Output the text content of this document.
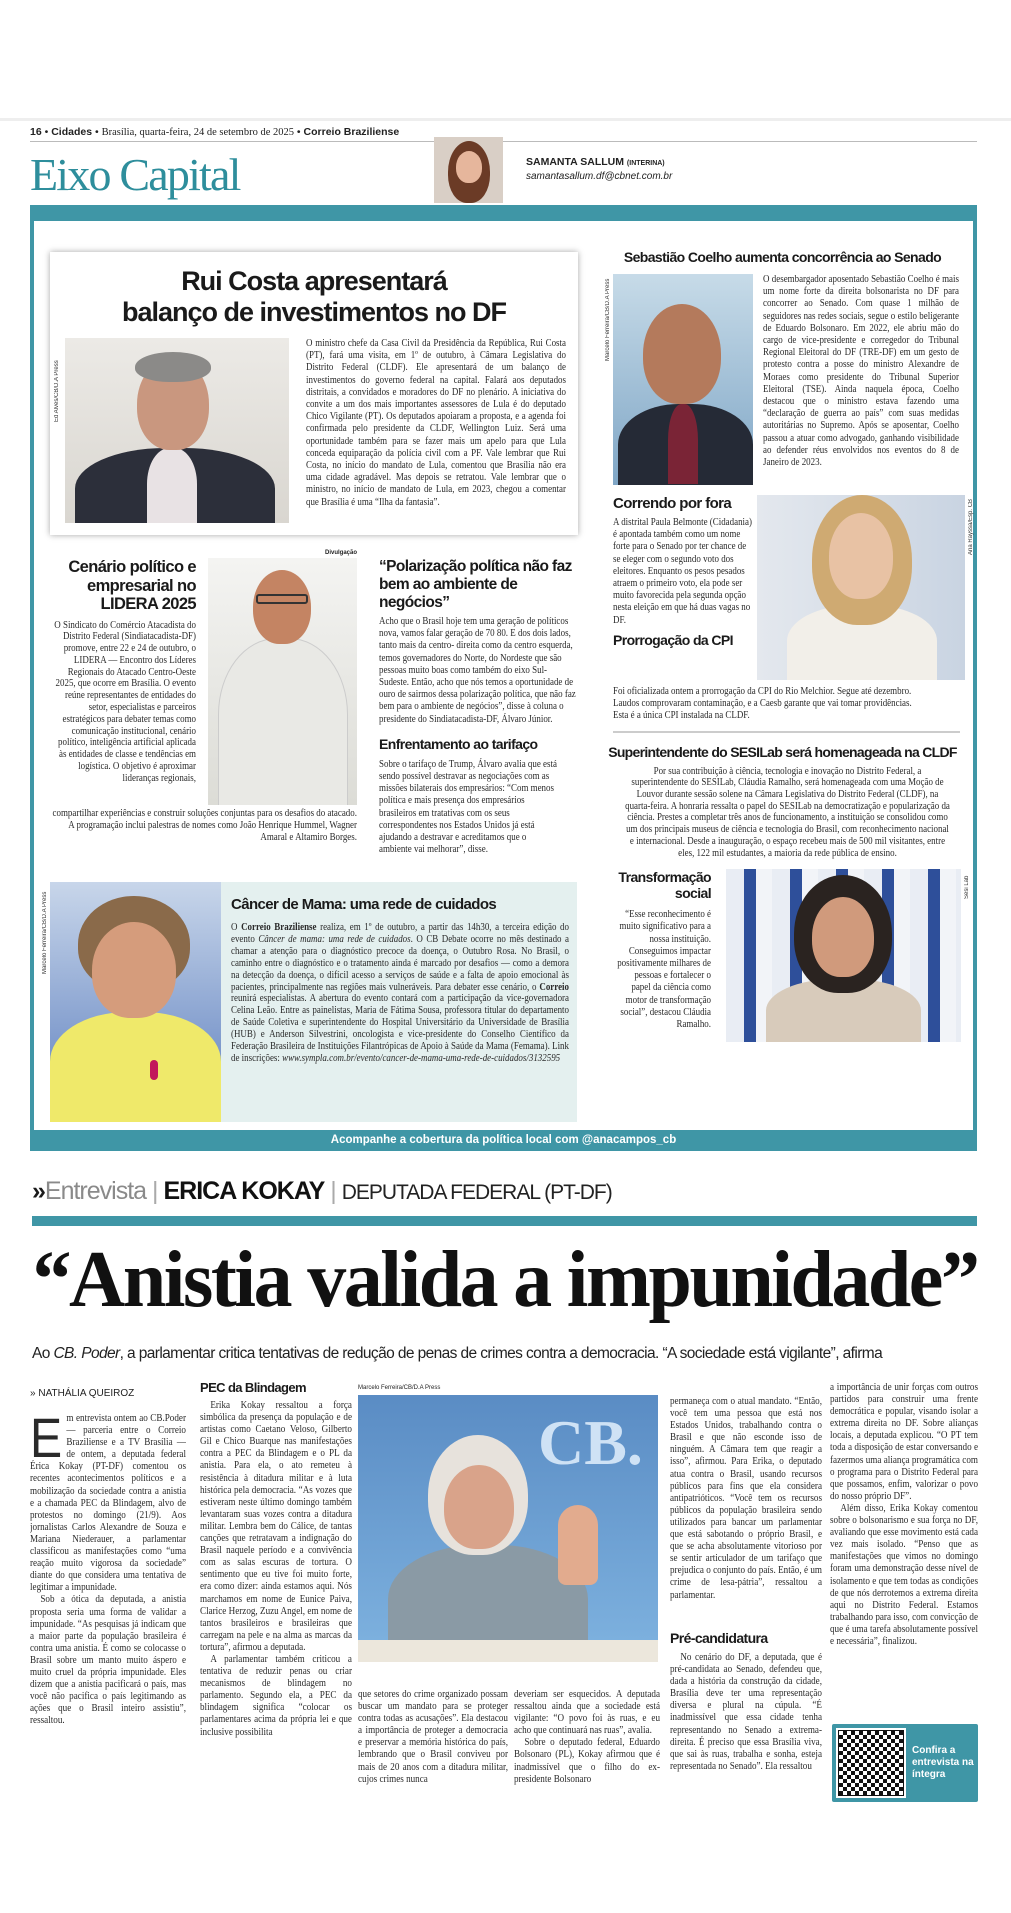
16 • Cidades • Brasília, quarta-feira, 24 de setembro de 2025 • Correio Braziliense
Eixo Capital	SAMANTA SALLUM (INTERINA)
samantasallum.df@cbnet.com.br
Acompanhe a cobertura da política local com @anacampos_cb
Rui Costa apresentará
balanço de investimentos no DF
Ed Alves/CB/D.A Press
O ministro chefe da Casa Civil da Presidência da República, Rui Costa (PT), fará uma visita, em 1º de outubro, à Câmara Legislativa do Distrito Federal (CLDF). Ele apresentará de um balanço de investimentos do governo federal na capital. Falará aos deputados distritais, a convidados e moradores do DF no plenário. A iniciativa do convite a um dos mais importantes assessores de Lula é do deputado Chico Vigilante (PT). Os deputados apoiaram a proposta, e a agenda foi confirmada pelo presidente da CLDF, Wellington Luiz. Será uma oportunidade também para se fazer mais um apelo para que Lula conceda equiparação da polícia civil com a PF. Vale lembrar que Rui Costa, no início do mandato de Lula, comentou que Brasília não era uma cidade agradável. Mas depois se retratou. Vale lembrar que o ministro, no início de mandato de Lula, em 2023, chegou a comentar que Brasília é uma “Ilha da fantasia”.
Sebastião Coelho aumenta concorrência ao Senado
Marcelo Ferreira/CB/D.A Press	O desembargador aposentado Sebastião Coelho é mais um nome forte da direita bolsonarista no DF para concorrer ao Senado. Com quase 1 milhão de seguidores nas redes sociais, segue o estilo beligerante de Eduardo Bolsonaro. Em 2022, ele abriu mão do cargo de vice-presidente e corregedor do Tribunal Regional Eleitoral do DF (TRE-DF) em um gesto de protesto contra a posse do ministro Alexandre de Moraes como presidente do Tribunal Superior Eleitoral (TSE). Ainda naquela época, Coelho destacou que o ministro estava fazendo uma “declaração de guerra ao país” com suas medidas autoritárias no Supremo. Após se aposentar, Coelho passou a atuar como advogado, ganhando visibilidade ao defender réus envolvidos nos eventos do 8 de Janeiro de 2023.
Correndo por fora
A distrital Paula Belmonte (Cidadania) é apontada também como um nome forte para o Senado por ter chance de se eleger com o segundo voto dos eleitores. Enquanto os pesos pesados atraem o primeiro voto, ela pode ser muito favorecida pela segunda opção nesta eleição em que há duas vagas no DF.
Prorrogação da CPI
Ana Rayssa/Esp. CB
Foi oficializada ontem a prorrogação da CPI do Rio Melchior. Segue até dezembro. Laudos comprovaram contaminação, e a Caesb garante que vai tomar providências. Esta é a única CPI instalada na CLDF.
Superintendente do SESILab será homenageada na CLDF
Por sua contribuição à ciência, tecnologia e inovação no Distrito Federal, a superintendente do SESILab, Cláudia Ramalho, será homenageada com uma Moção de Louvor durante sessão solene na Câmara Legislativa do Distrito Federal (CLDF), na quarta-feira. A honraria ressalta o papel do SESILab na democratização e popularização da ciência. Prestes a completar três anos de funcionamento, a instituição se consolidou como um dos principais museus de ciência e tecnologia do Brasil, com reconhecimento nacional e internacional. Desde a inauguração, o espaço recebeu mais de 500 mil visitantes, entre eles, 122 mil estudantes, a maioria da rede pública de ensino.
Transformação social
“Esse reconhecimento é muito significativo para a nossa instituição. Conseguimos impactar positivamente milhares de pessoas e fortalecer o papel da ciência como motor de transformação social”, destacou Cláudia Ramalho.
Sesi Lab
Cenário político e empresarial no LIDERA 2025
O Sindicato do Comércio Atacadista do Distrito Federal (Sindiatacadista-DF) promove, entre 22 e 24 de outubro, o LIDERA — Encontro dos Líderes Regionais do Atacado Centro-Oeste 2025, que ocorre em Brasília. O evento reúne representantes de entidades do setor, especialistas e parceiros estratégicos para debater temas como comunicação institucional, cenário político, inteligência artificial aplicada às entidades de classe e tendências em logística. O objetivo é aproximar lideranças regionais,
Divulgação
compartilhar experiências e construir soluções conjuntas para os desafios do atacado. A programação inclui palestras de nomes como João Henrique Hummel, Wagner Amaral e Altamiro Borges.
“Polarização política não faz bem ao ambiente de negócios”
Acho que o Brasil hoje tem uma geração de políticos nova, vamos falar geração de 70 80. E dos dois lados, tanto mais da centro- direita como da centro esquerda, temos governadores do Norte, do Nordeste que são pessoas muito boas como também do eixo Sul-Sudeste. Então, acho que nós temos a oportunidade de ouro de sairmos dessa polarização política, que não faz bem para o ambiente de negócios”, disse à coluna o presidente do Sindiatacadista-DF, Álvaro Júnior.
Enfrentamento ao tarifaço
Sobre o tarifaço de Trump, Álvaro avalia que está sendo possível destravar as negociações com as missões bilaterais dos empresários: “Com menos política e mais presença dos empresários brasileiros em tratativas com os seus correspondentes nos Estados Unidos já está ajudando a destravar e acreditamos que o ambiente vai melhorar”, disse.
Marcelo Ferreira/CB/D.A Press	Câncer de Mama: uma rede de cuidados
O Correio Braziliense realiza, em 1º de outubro, a partir das 14h30, a terceira edição do evento Câncer de mama: uma rede de cuidados. O CB Debate ocorre no mês destinado a chamar a atenção para o diagnóstico precoce da doença, o Outubro Rosa. No Brasil, o caminho entre o diagnóstico e o tratamento ainda é marcado por desafios — como a demora na detecção da doença, o difícil acesso a serviços de saúde e a falta de apoio emocional às pacientes, principalmente nas regiões mais vulneráveis. Para debater esse cenário, o Correio reunirá especialistas. A abertura do evento contará com a participação da vice-governadora Celina Leão. Entre as painelistas, Maria de Fátima Sousa, professora titular do departamento de Saúde Coletiva e superintendente do Hospital Universitário da Universidade de Brasília (HUB) e Anderson Silvestrini, oncologista e vice-presidente do Conselho Científico da Federação Brasileira de Instituições Filantrópicas de Apoio à Saúde da Mama (Femama). Link de inscrições: www.sympla.com.br/evento/cancer-de-mama-uma-rede-de-cuidados/3132595
»Entrevista | ERICA KOKAY | DEPUTADA FEDERAL (PT-DF)
“Anistia valida a impunidade”
Ao CB. Poder, a parlamentar critica tentativas de redução de penas de crimes contra a democracia. “A sociedade está vigilante”, afirma
» NATHÁLIA QUEIROZ
E m entrevista ontem ao CB.Poder — parceria entre o Correio Braziliense e a TV Brasília — de ontem, a deputada federal Érica Kokay (PT-DF) comentou os recentes acontecimentos políticos e a mobilização da sociedade contra a anistia e a chamada PEC da Blindagem, alvo de protestos no domingo (21/9). Aos jornalistas Carlos Alexandre de Souza e Mariana Niederauer, a parlamentar classificou as manifestações como “uma reação muito vigorosa da sociedade” diante do que considera uma tentativa de legitimar a impunidade.

Sob a ótica da deputada, a anistia proposta seria uma forma de validar a impunidade. “As pesquisas já indicam que a maior parte da população brasileira é contra uma anistia. É como se colocasse o Brasil sobre um manto muito áspero e muito cruel da própria impunidade. Eles dizem que a anistia pacificará o país, mas você não pacifica o país legitimando as ações que o Brasil inteiro assistiu”, ressaltou.

PEC da Blindagem

Erika Kokay ressaltou a força simbólica da presença da população e de artistas como Caetano Veloso, Gilberto Gil e Chico Buarque nas manifestações contra a PEC da Blindagem e o PL da anistia. Para ela, o ato remeteu à resistência à ditadura militar e à luta histórica pela democracia. “As vozes que estiveram neste último domingo também levantaram suas vozes contra a ditadura militar. Lembra bem do Cálice, de tantas canções que retratavam a indignação do Brasil naquele período e a convivência com as salas escuras de tortura. O sentimento que eu tive foi muito forte, era como dizer: ainda estamos aqui. Nós marchamos em nome de Eunice Paiva, Clarice Herzog, Zuzu Angel, em nome de tantos brasileiros e brasileiras que carregam na pele e na alma as marcas da tortura”, afirmou a deputada.

A parlamentar também criticou a tentativa de reduzir penas ou criar mecanismos de blindagem no parlamento. Segundo ela, a PEC da blindagem significa “colocar os parlamentares acima da própria lei e que inclusive possibilita

Marcelo Ferreira/CB/D.A Press
CB.

que setores do crime organizado possam buscar um mandato para se proteger contra todas as acusações”. Ela destacou a importância de proteger a democracia e preservar a memória histórica do país, lembrando que o Brasil conviveu por mais de 20 anos com a ditadura militar, cujos crimes nunca

deveriam ser esquecidos. A deputada ressaltou ainda que a sociedade está vigilante: “O povo foi às ruas, e eu acho que continuará nas ruas”, avalia.

Sobre o deputado federal, Eduardo Bolsonaro (PL), Kokay afirmou que é inadmissível que o filho do ex-presidente Bolsonaro

permaneça com o atual mandato. “Então, você tem uma pessoa que está nos Estados Unidos, trabalhando contra o Brasil e que não esconde isso de ninguém. A Câmara tem que reagir a isso”, afirmou. Para Erika, o deputado atua contra o Brasil, usando recursos públicos para fins que ela considera antipatrióticos. “Você tem os recursos públicos da população brasileira sendo utilizados para bancar um parlamentar que está sabotando o próprio Brasil, e que se acha absolutamente vitorioso por se sentir articulador de um tarifaço que prejudica o conjunto do país. Então, é um crime de lesa-pátria”, ressaltou a parlamentar.

Pré-candidatura

No cenário do DF, a deputada, que é pré-candidata ao Senado, defendeu que, dada a história da construção da cidade, Brasília deve ter uma representação diversa e plural na cúpula. “É inadmissível que essa cidade tenha representando no Senado a extrema-direita. É preciso que essa Brasília viva, que sai às ruas, trabalha e sonha, esteja representada no Senado”. Ela ressaltou

a importância de unir forças com outros partidos para construir uma frente democrática e popular, visando isolar a extrema direita no DF. Sobre alianças locais, a deputada explicou. “O PT tem toda a disposição de estar conversando e fazermos uma aliança programática com o programa para o Distrito Federal para que possamos, enfim, valorizar o povo do nosso próprio DF”.

Além disso, Erika Kokay comentou sobre o bolsonarismo e sua força no DF, avaliando que esse movimento está cada vez mais isolado. “Penso que as manifestações que vimos no domingo foram uma demonstração desse nível de isolamento e que tem todas as condições de que nós derrotemos a extrema direita aqui no Distrito Federal. Estamos trabalhando para isso, com convicção de que é uma tarefa absolutamente possível e necessária”, finalizou.

Confira a entrevista na íntegra
